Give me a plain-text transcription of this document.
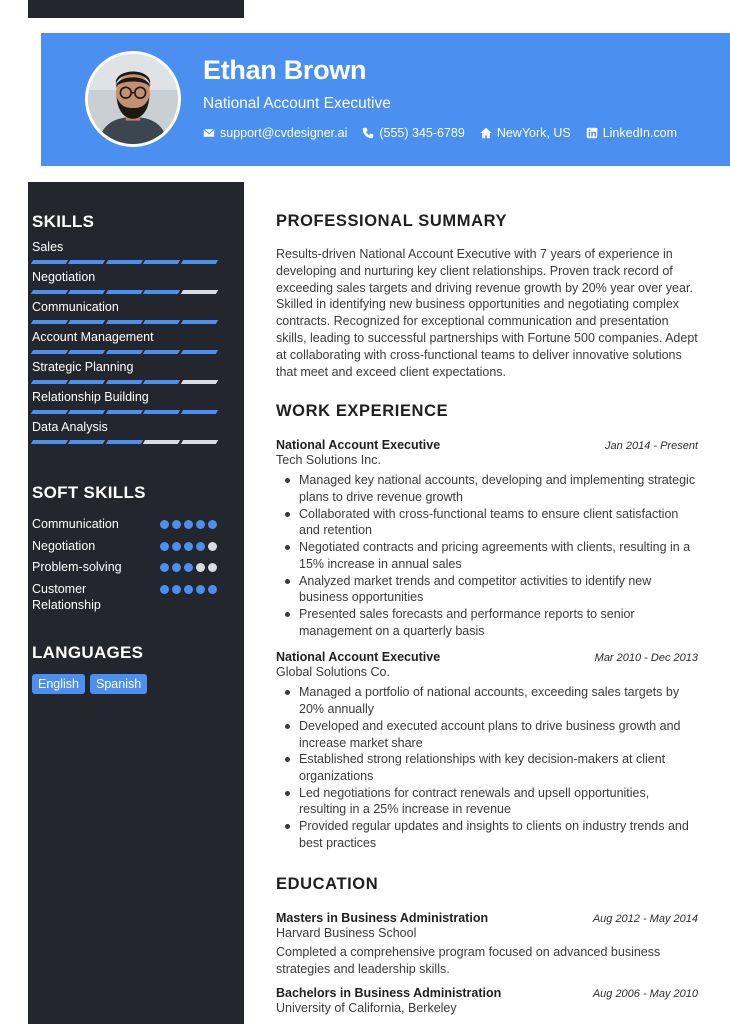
Ethan Brown
National Account Executive
support@cvdesigner.ai	(555) 345-6789	NewYork, US	LinkedIn.com
SKILLS
Sales
Negotiation
Communication
Account Management
Strategic Planning
Relationship Building
Data Analysis
SOFT SKILLS
Communication
Negotiation
Problem-solving
Customer Relationship
LANGUAGES
English	Spanish
PROFESSIONAL SUMMARY

Results-driven National Account Executive with 7 years of experience in developing and nurturing key client relationships. Proven track record of exceeding sales targets and driving revenue growth by 20% year over year. Skilled in identifying new business opportunities and negotiating complex contracts. Recognized for exceptional communication and presentation skills, leading to successful partnerships with Fortune 500 companies. Adept at collaborating with cross-functional teams to deliver innovative solutions that meet and exceed client expectations.

WORK EXPERIENCE
National Account Executive	Jan 2014 - Present
Tech Solutions Inc.
Managed key national accounts, developing and implementing strategic plans to drive revenue growth
Collaborated with cross-functional teams to ensure client satisfaction and retention
Negotiated contracts and pricing agreements with clients, resulting in a 15% increase in annual sales
Analyzed market trends and competitor activities to identify new business opportunities
Presented sales forecasts and performance reports to senior management on a quarterly basis
National Account Executive	Mar 2010 - Dec 2013
Global Solutions Co.
Managed a portfolio of national accounts, exceeding sales targets by 20% annually
Developed and executed account plans to drive business growth and increase market share
Established strong relationships with key decision-makers at client organizations
Led negotiations for contract renewals and upsell opportunities, resulting in a 25% increase in revenue
Provided regular updates and insights to clients on industry trends and best practices
EDUCATION
Masters in Business Administration	Aug 2012 - May 2014
Harvard Business School

Completed a comprehensive program focused on advanced business strategies and leadership skills.

Bachelors in Business Administration	Aug 2006 - May 2010
University of California, Berkeley
